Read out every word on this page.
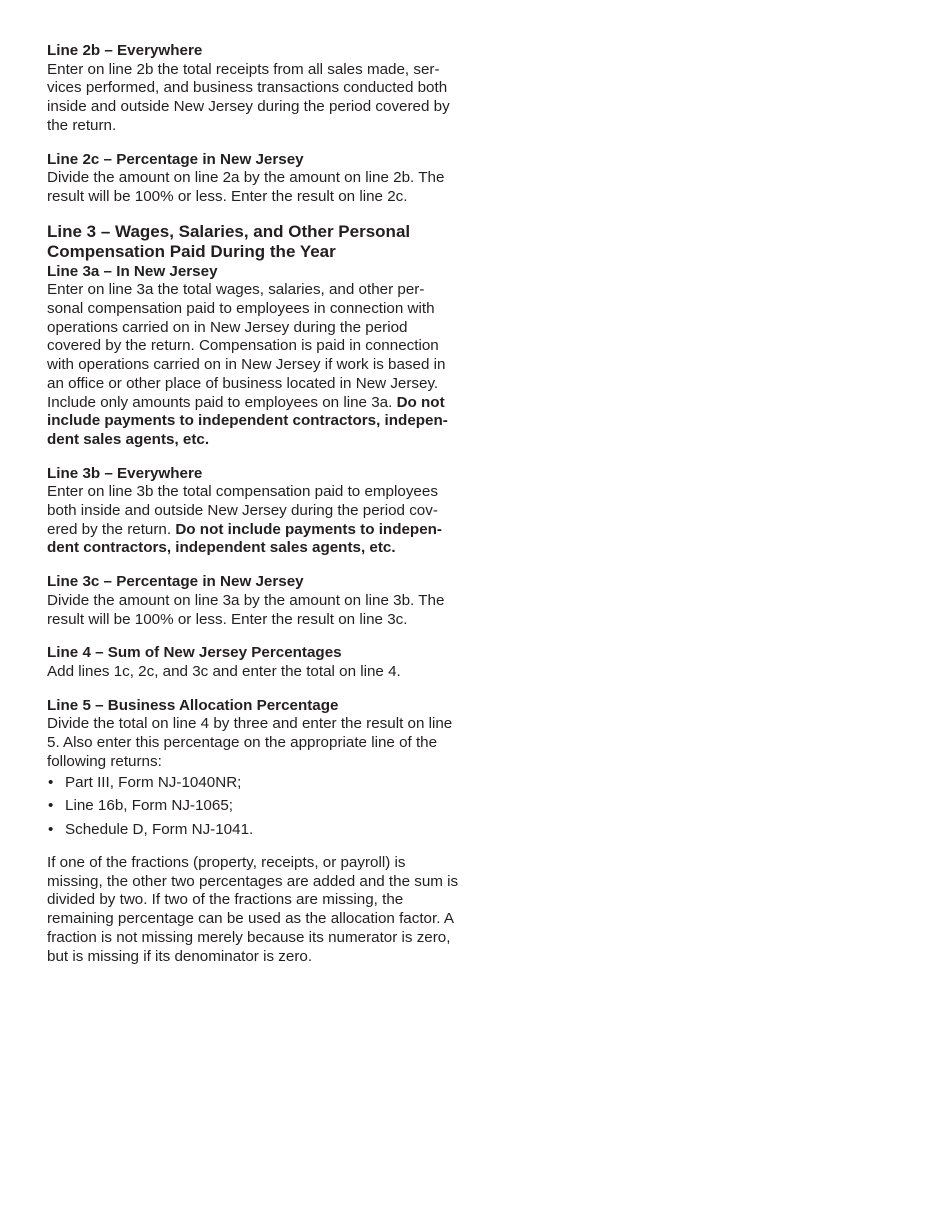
Line 2b – Everywhere

Enter on line 2b the total receipts from all sales made, ser- vices performed, and business transactions conducted both inside and outside New Jersey during the period covered by the return.

Line 2c – Percentage in New Jersey

Divide the amount on line 2a by the amount on line 2b. The result will be 100% or less. Enter the result on line 2c.

Line 3 – Wages, Salaries, and Other Personal Compensation Paid During the Year
Line 3a – In New Jersey

Enter on line 3a the total wages, salaries, and other per- sonal compensation paid to employees in connection with operations carried on in New Jersey during the period covered by the return. Compensation is paid in connection with operations carried on in New Jersey if work is based in an office or other place of business located in New Jersey. Include only amounts paid to employees on line 3a. Do not include payments to independent contractors, indepen- dent sales agents, etc.

Line 3b – Everywhere

Enter on line 3b the total compensation paid to employees both inside and outside New Jersey during the period cov- ered by the return. Do not include payments to indepen- dent contractors, independent sales agents, etc.

Line 3c – Percentage in New Jersey

Divide the amount on line 3a by the amount on line 3b. The result will be 100% or less. Enter the result on line 3c.

Line 4 – Sum of New Jersey Percentages

Add lines 1c, 2c, and 3c and enter the total on line 4.

Line 5 – Business Allocation Percentage

Divide the total on line 4 by three and enter the result on line 5. Also enter this percentage on the appropriate line of the following returns:

• Part III, Form NJ-1040NR;
• Line 16b, Form NJ-1065;
• Schedule D, Form NJ-1041.

If one of the fractions (property, receipts, or payroll) is missing, the other two percentages are added and the sum is divided by two. If two of the fractions are missing, the remaining percentage can be used as the allocation factor. A fraction is not missing merely because its numerator is zero, but is missing if its denominator is zero.
